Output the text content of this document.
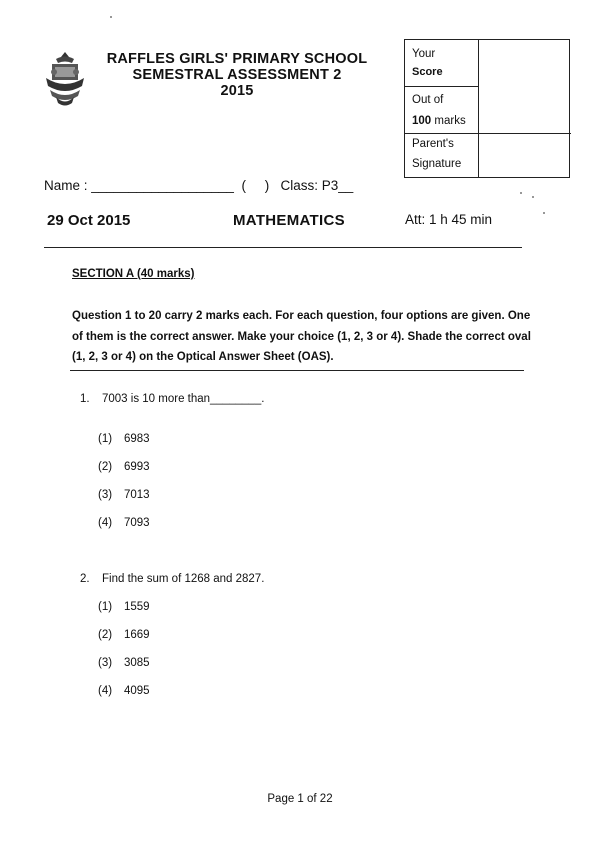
RAFFLES GIRLS' PRIMARY SCHOOL
SEMESTRAL ASSESSMENT 2
2015
Your
Score
Out of
100 marks
Parent's
Signature
Name : ___________________ ( ) Class: P3__
29 Oct 2015	MATHEMATICS	Att: 1 h 45 min
SECTION A (40 marks)
Question 1 to 20 carry 2 marks each. For each question, four options are given. One of them is the correct answer. Make your choice (1, 2, 3 or 4). Shade the correct oval (1, 2, 3 or 4) on the Optical Answer Sheet (OAS).
1. 7003 is 10 more than________.
(1) 6983
(2) 6993
(3) 7013
(4) 7093
2. Find the sum of 1268 and 2827.
(1) 1559
(2) 1669
(3) 3085
(4) 4095
Page 1 of 22
